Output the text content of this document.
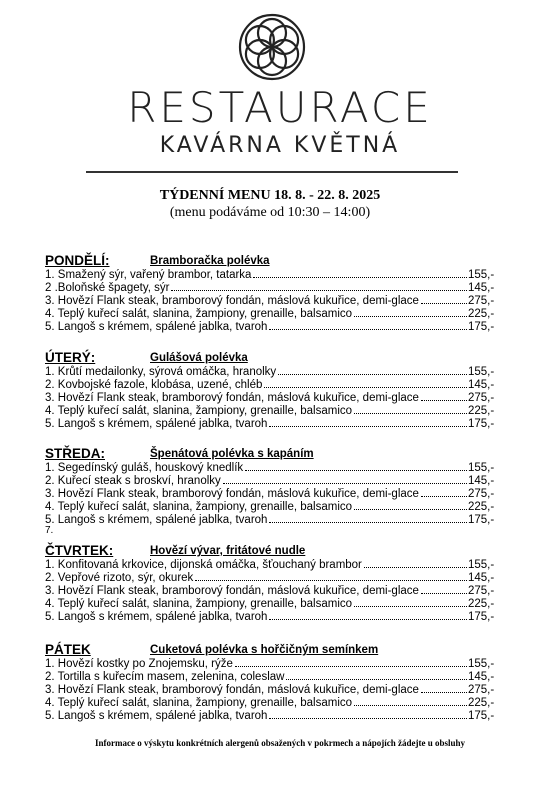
RESTAURACE
KAVÁRNA KVĚTNÁ
TÝDENNÍ MENU 18. 8. - 22. 8. 2025
(menu podáváme od 10:30 – 14:00)
PONDĚLÍ:	Bramboračka polévka
1. Smažený sýr, vařený brambor, tatarka	155,-
2 .Boloňské špagety, sýr	145,-
3. Hovězí Flank steak, bramborový fondán, máslová kukuřice, demi-glace	275,-
4. Teplý kuřecí salát, slanina, žampiony, grenaille, balsamico	225,-
5. Langoš s krémem, spálené jablka, tvaroh	175,-
ÚTERÝ:	Gulášová polévka
1. Krůtí medailonky, sýrová omáčka, hranolky	155,-
2. Kovbojské fazole, klobása, uzené, chléb	145,-
3. Hovězí Flank steak, bramborový fondán, máslová kukuřice, demi-glace	275,-
4. Teplý kuřecí salát, slanina, žampiony, grenaille, balsamico	225,-
5. Langoš s krémem, spálené jablka, tvaroh	175,-
STŘEDA:	Špenátová polévka s kapáním
1. Segedínský guláš, houskový knedlík	155,-
2. Kuřecí steak s broskví, hranolky	145,-
3. Hovězí Flank steak, bramborový fondán, máslová kukuřice, demi-glace	275,-
4. Teplý kuřecí salát, slanina, žampiony, grenaille, balsamico	225,-
5. Langoš s krémem, spálené jablka, tvaroh	175,-
7.
ČTVRTEK:	Hovězí vývar, fritátové nudle
1. Konfitovaná krkovice, dijonská omáčka, šťouchaný brambor	155,-
2. Vepřové rizoto, sýr, okurek	145,-
3. Hovězí Flank steak, bramborový fondán, máslová kukuřice, demi-glace	275,-
4. Teplý kuřecí salát, slanina, žampiony, grenaille, balsamico	225,-
5. Langoš s krémem, spálené jablka, tvaroh	175,-
PÁTEK	Cuketová polévka s hořčičným semínkem
1. Hovězí kostky po Znojemsku, rýže	155,-
2. Tortilla s kuřecím masem, zelenina, coleslaw	145,-
3. Hovězí Flank steak, bramborový fondán, máslová kukuřice, demi-glace	275,-
4. Teplý kuřecí salát, slanina, žampiony, grenaille, balsamico	225,-
5. Langoš s krémem, spálené jablka, tvaroh	175,-
Informace o výskytu konkrétních alergenů obsažených v pokrmech a nápojích žádejte u obsluhy
